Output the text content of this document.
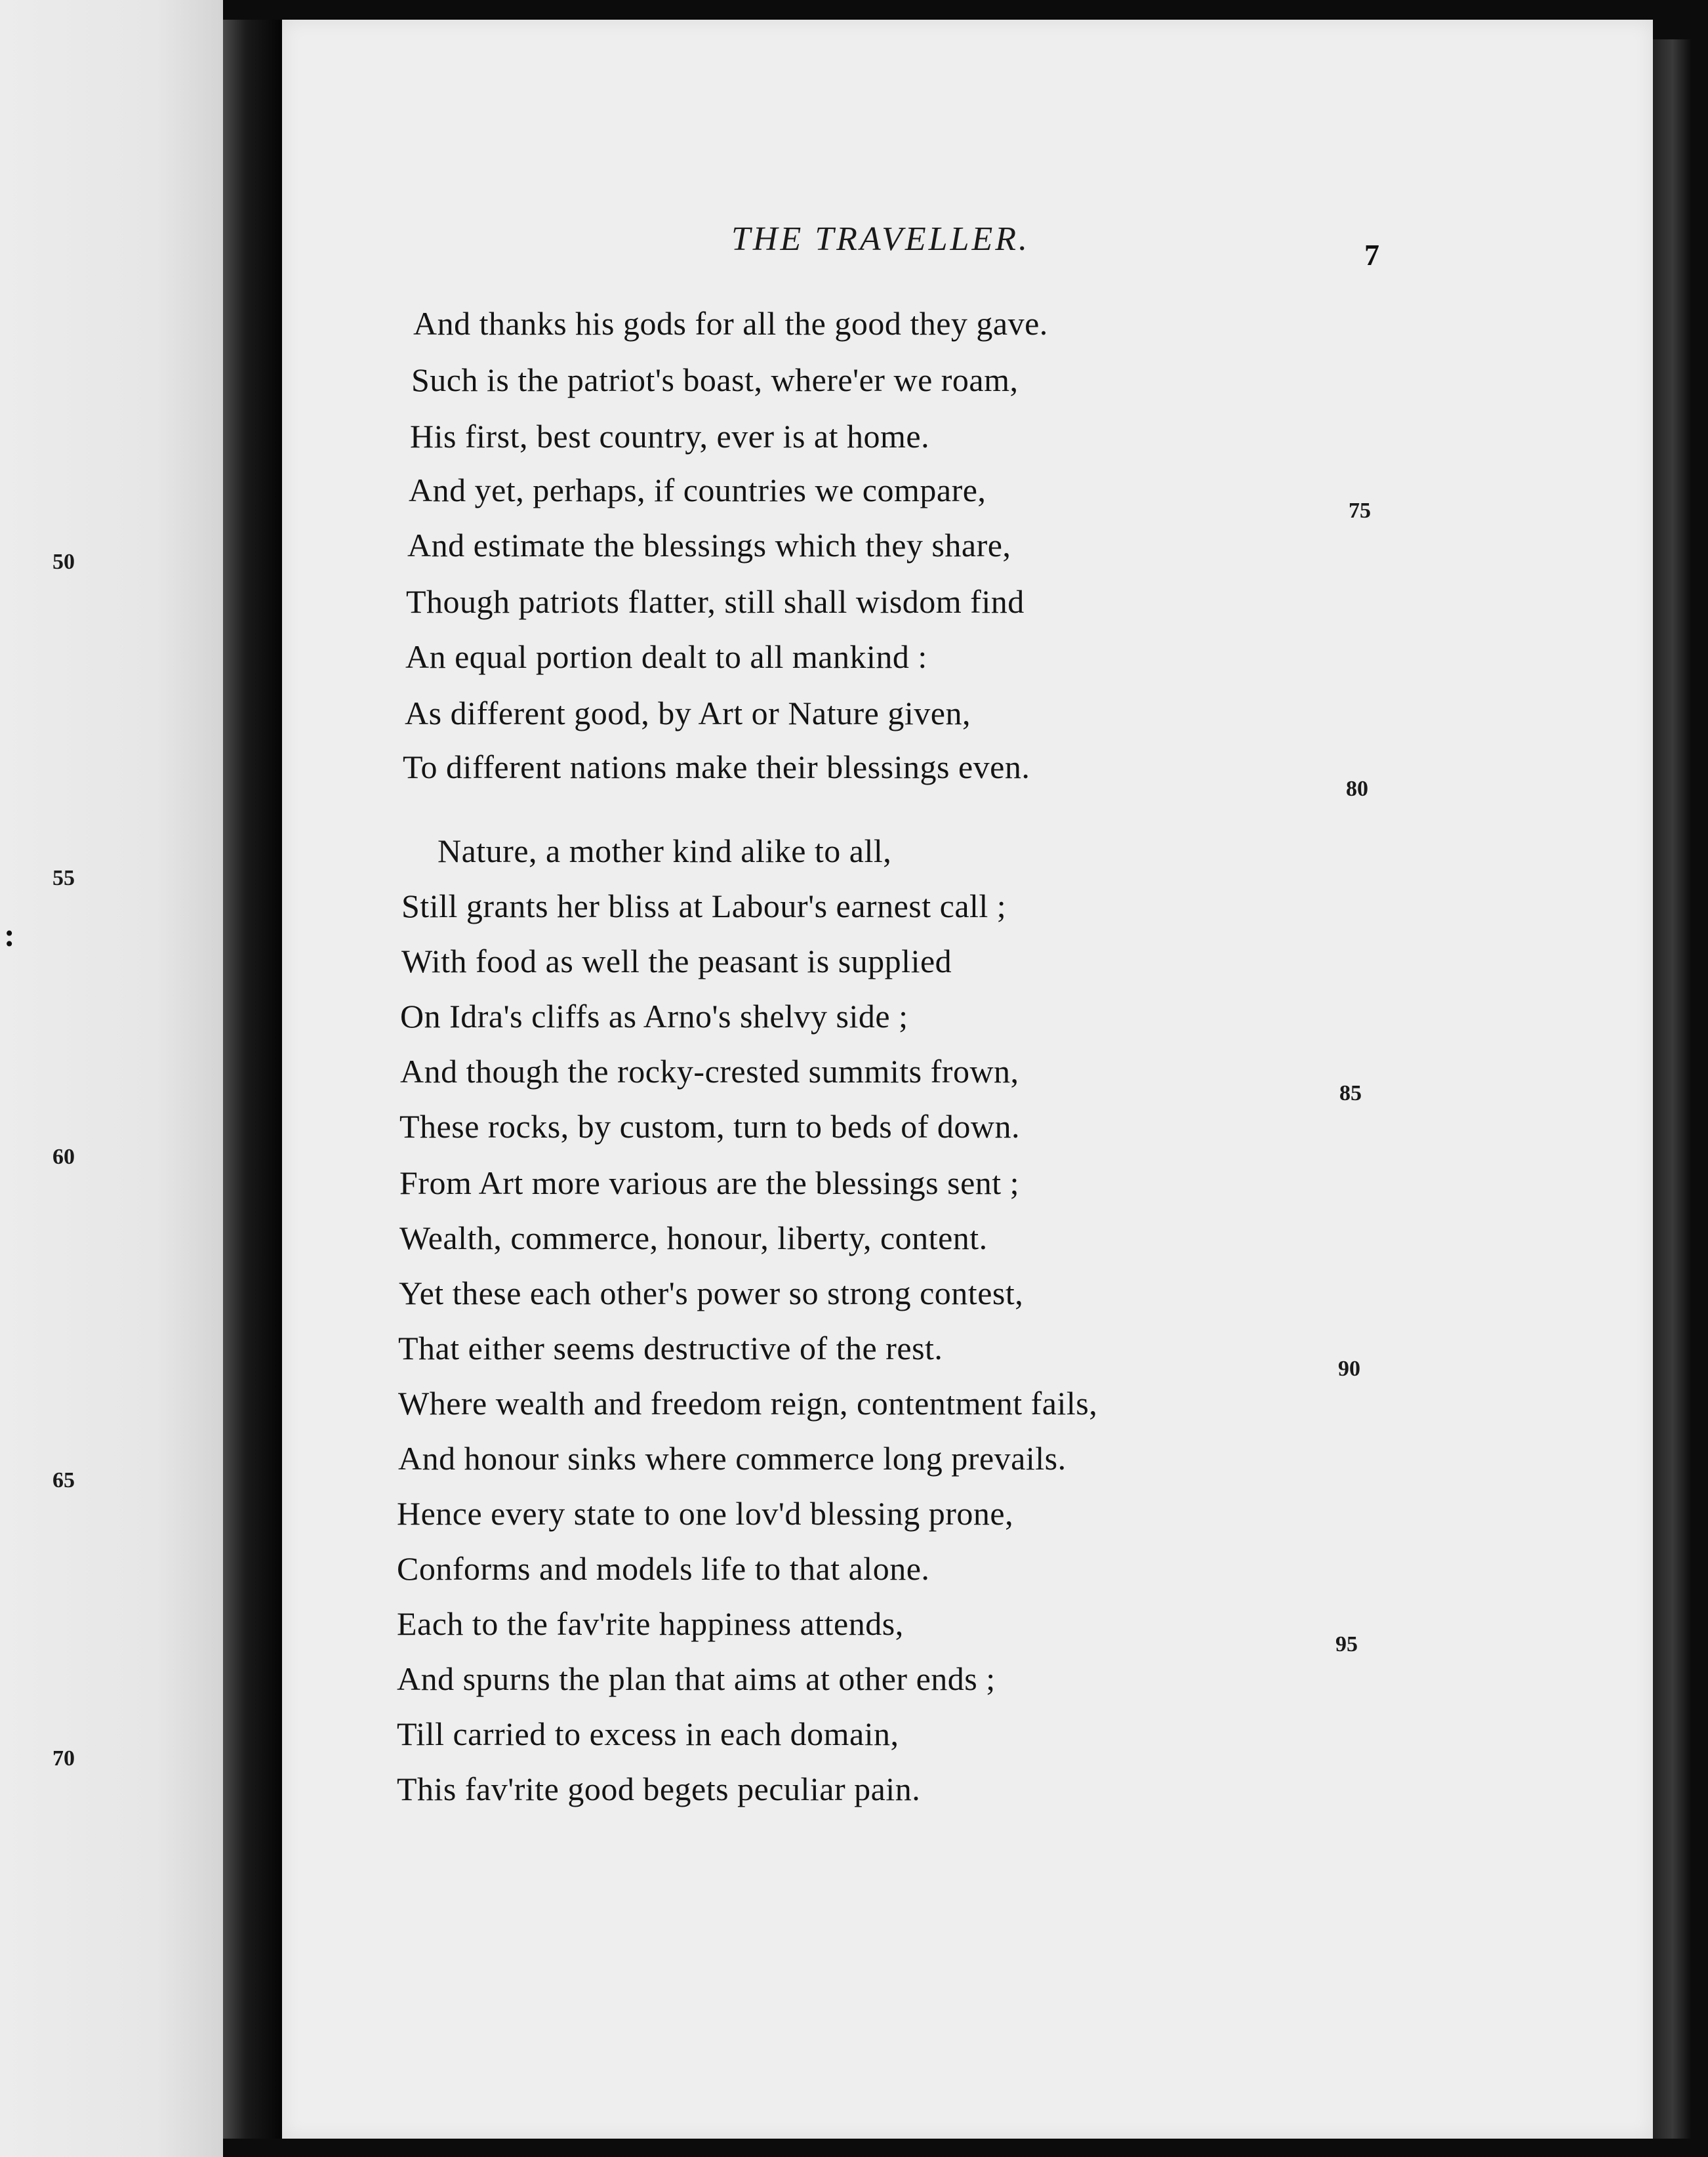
50
55
60
65
70
:
THE TRAVELLER.	7
And thanks his gods for all the good they gave.
Such is the patriot's boast, where'er we roam,
His first, best country, ever is at home.
And yet, perhaps, if countries we compare,
And estimate the blessings which they share,
Though patriots flatter, still shall wisdom find
An equal portion dealt to all mankind :
As different good, by Art or Nature given,
To different nations make their blessings even.
Nature, a mother kind alike to all,
Still grants her bliss at Labour's earnest call ;
With food as well the peasant is supplied
On Idra's cliffs as Arno's shelvy side ;
And though the rocky-crested summits frown,
These rocks, by custom, turn to beds of down.
From Art more various are the blessings sent ;
Wealth, commerce, honour, liberty, content.
Yet these each other's power so strong contest,
That either seems destructive of the rest.
Where wealth and freedom reign, contentment fails,
And honour sinks where commerce long prevails.
Hence every state to one lov'd blessing prone,
Conforms and models life to that alone.
Each to the fav'rite happiness attends,
And spurns the plan that aims at other ends ;
Till carried to excess in each domain,
This fav'rite good begets peculiar pain.
75
80
85
90
95
